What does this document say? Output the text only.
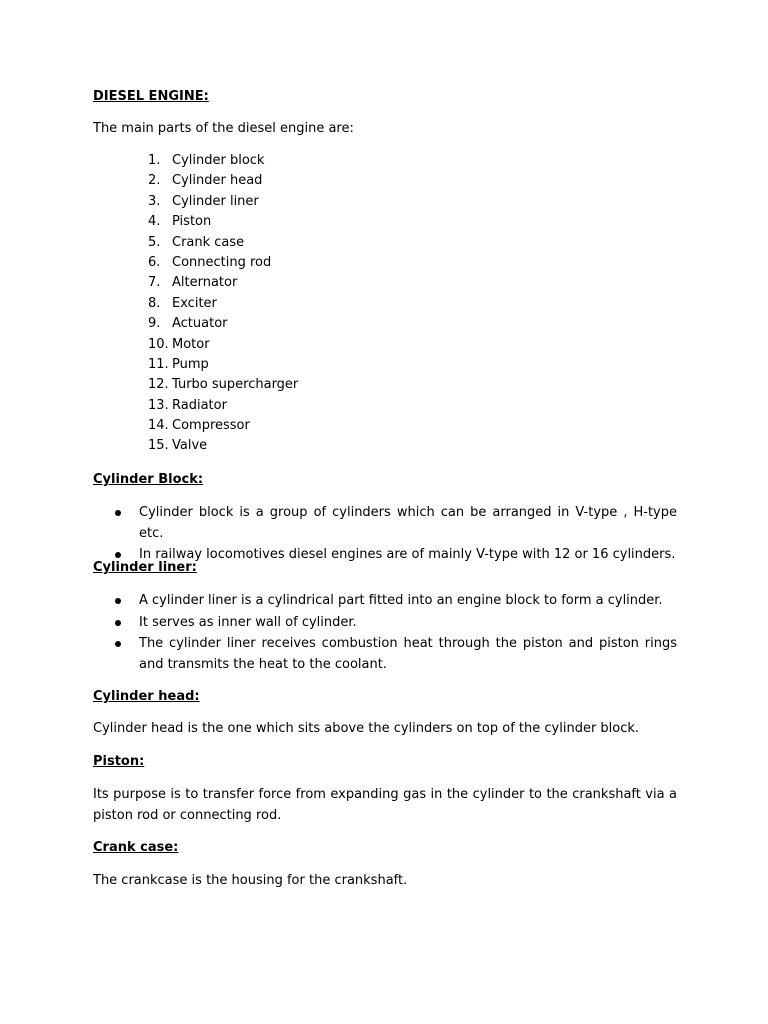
DIESEL ENGINE:

The main parts of the diesel engine are:

1. Cylinder block
2. Cylinder head
3. Cylinder liner
4. Piston
5. Crank case
6. Connecting rod
7. Alternator
8. Exciter
9. Actuator
10. Motor
11. Pump
12. Turbo supercharger
13. Radiator
14. Compressor
15. Valve

Cylinder Block:

Cylinder block is a group of cylinders which can be arranged in V-type , H-type etc.
In railway locomotives diesel engines are of mainly V-type with 12 or 16 cylinders.

Cylinder liner:

A cylinder liner is a cylindrical part fitted into an engine block to form a cylinder.
It serves as inner wall of cylinder.
The cylinder liner receives combustion heat through the piston and piston rings and transmits the heat to the coolant.

Cylinder head:

Cylinder head is the one which sits above the cylinders on top of the cylinder block.

Piston:

Its purpose is to transfer force from expanding gas in the cylinder to the crankshaft via a piston rod or connecting rod.

Crank case:

The crankcase is the housing for the crankshaft.
